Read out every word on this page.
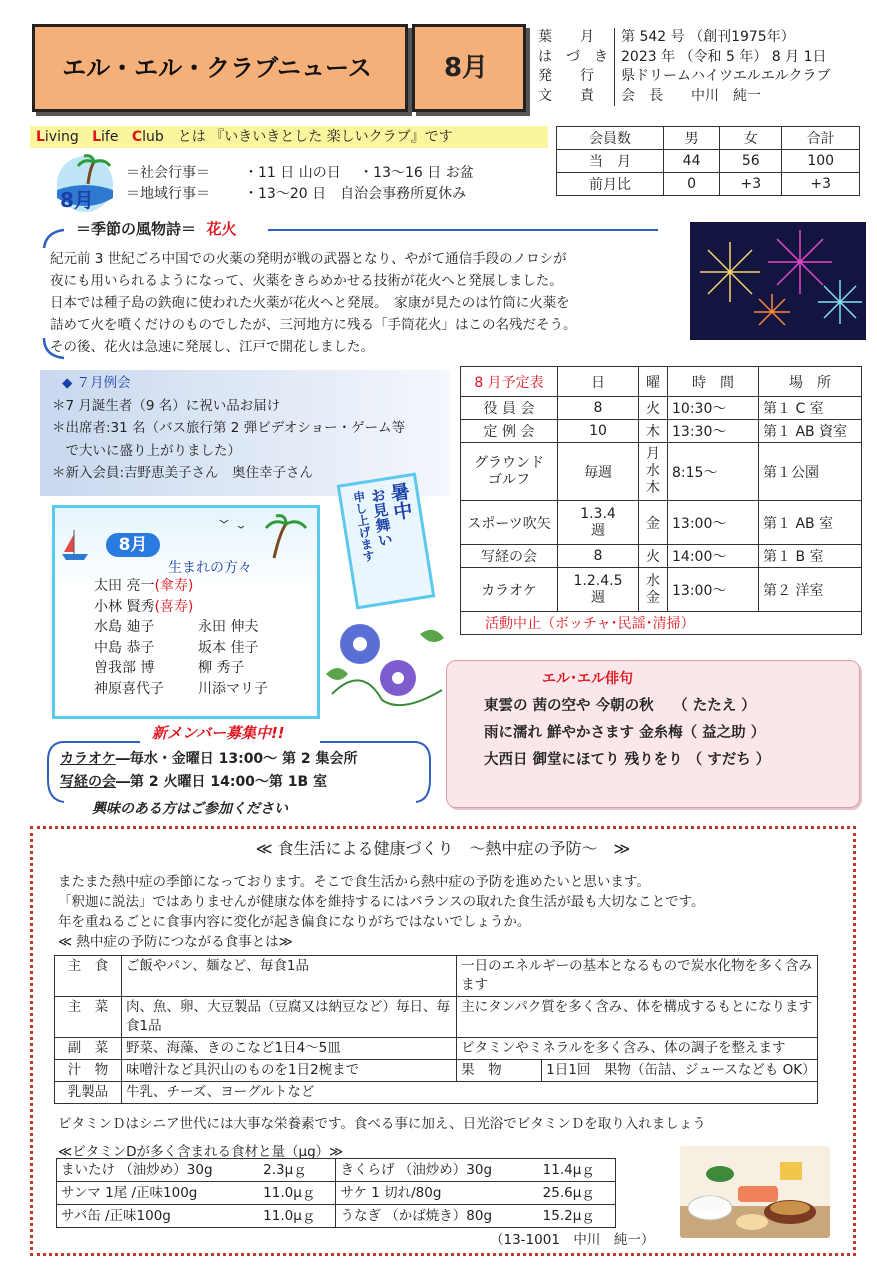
エル・エル・クラブニュース	8月
葉　　月 第 542 号 （創刊1975年）
は　づ　き 2023 年 （令和 5 年） 8 月 1日
発　　行 県ドリームハイツエルエルクラブ
文　　責 会　長　　中川　純一
Living Life Club　とは 『いきいきとした 楽しいクラブ』です	会員数	男	女	合計
当　月	44	56	100
前月比	0	+3	+3
8月
＝社会行事＝ ・11 日 山の日　 ・13～16 日 お盆
＝地域行事＝ ・13～20 日　自治会事務所夏休み
＝季節の風物詩＝ 花火
紀元前 3 世紀ごろ中国での火薬の発明が戦の武器となり、やがて通信手段のノロシが
夜にも用いられるようになって、火薬をきらめかせる技術が花火へと発展しました。
日本では種子島の鉄砲に使われた火薬が花火へと発展。　家康が見たのは竹筒に火薬を
詰めて火を噴くだけのものでしたが、三河地方に残る「手筒花火」はこの名残だそう。
その後、花火は急速に発展し、江戸で開花しました。
◆ ７月例会
＊7 月誕生者（9 名）に祝い品お届け
＊出席者:31 名（バス旅行第 2 弾ビデオショー・ゲーム等
　で大いに盛り上がりました）
＊新入会員:吉野恵美子さん　奥住幸子さん
8月
生まれの方々
太田 亮一(傘寿)
小林 賢秀(喜寿)
水島 廸子	永田 伸夫
中島 恭子	坂本 佳子
曽我部 博	柳 秀子
神原喜代子 川添マリ子
暑中
お見舞い
申し上げます
8 月予定表	日	曜	時　間	場　所
役 員 会	8	火	10:30～	第１ C 室
定 例 会	10	木	13:30～	第１ AB 資室
グラウンド
ゴルフ	毎週	月
水
木	8:15～	第１公園
スポーツ吹矢	1.3.4
週	金	13:00～	第１ AB 室
写経の会	8	火	14:00～	第１ B 室
カラオケ	1.2.4.5
週	水
金	13:00～	第２ 洋室
活動中止（ボッチャ･民謡･清掃）				
エル･エル俳句
東雲の 茜の空や 今朝の秋　 （ たたえ ）
雨に濡れ 鮮やかさます 金糸梅（ 益之助 ）
大西日 御堂にほてり 残りをり （ すだち ）
新メンバー募集中!!
カラオケ―毎水・金曜日 13:00～ 第 2 集会所
写経の会―第 2 火曜日 14:00～第 1B 室
興味のある方はご参加ください
≪ 食生活による健康づくり　～熱中症の予防～　≫
またまた熱中症の季節になっております。そこで食生活から熱中症の予防を進めたいと思います。
「釈迦に説法」ではありませんが健康な体を維持するにはバランスの取れた食生活が最も大切なことです。
年を重ねるごとに食事内容に変化が起き偏食になりがちではないでしょうか。
≪ 熱中症の予防につながる食事とは≫
主　食	ご飯やパン、麺など、毎食1品	一日のエネルギーの基本となるもので炭水化物を多く含みます	
主　菜	肉、魚、卵、大豆製品（豆腐又は納豆など）毎日、毎食1品	主にタンパク質を多く含み、体を構成するもとになります	
副　菜	野菜、海藻、きのこなど1日4～5皿	ビタミンやミネラルを多く含み、体の調子を整えます	
汁　物	味噌汁など具沢山のものを1日2椀まで	果　物	1日1回　果物（缶詰、ジュースなども OK）
乳製品	牛乳、チーズ、ヨーグルトなど		
ビタミンＤはシニア世代には大事な栄養素です。食べる事に加え、日光浴でビタミンＤを取り入れましょう
≪ビタミンDが多く含まれる食材と量（μg）≫
まいたけ （油炒め）30g	2.3μｇ	きくらげ （油炒め）30g	11.4μｇ
サンマ 1尾 /正味100g	11.0μｇ	サケ 1 切れ/80g	25.6μｇ
サバ缶 /正味100g	11.0μｇ	うなぎ （かば焼き）80g	15.2μｇ
（13-1001　中川　純一）
